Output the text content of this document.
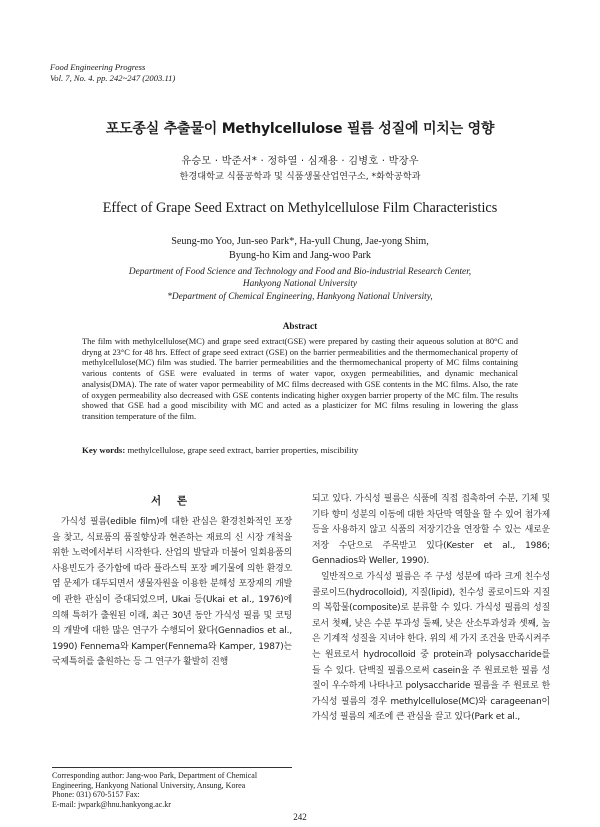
Food Engineering Progress
Vol. 7, No. 4. pp. 242~247 (2003.11)
포도종실 추출물이 Methylcellulose 필름 성질에 미치는 영향
유승모 · 박준서* · 정하열 · 심재용 · 김병호 · 박장우
한경대학교 식품공학과 및 식품생물산업연구소, *화학공학과
Effect of Grape Seed Extract on Methylcellulose Film Characteristics
Seung-mo Yoo, Jun-seo Park*, Ha-yull Chung, Jae-yong Shim,
Byung-ho Kim and Jang-woo Park
Department of Food Science and Technology and Food and Bio-industrial Research Center,
Hankyong National University
*Department of Chemical Engineering, Hankyong National University,
Abstract
The film with methylcellulose(MC) and grape seed extract(GSE) were prepared by casting their aqueous solution at 80°C and dryng at 23°C for 48 hrs. Effect of grape seed extract (GSE) on the barrier permeabilities and the thermomechanical property of methylcellulose(MC) film was studied. The barrier permeabilities and the thermomechanical property of MC films containing various contents of GSE were evaluated in terms of water vapor, oxygen permeabilities, and dynamic mechanical analysis(DMA). The rate of water vapor permeability of MC films decreased with GSE contents in the MC films. Also, the rate of oxygen permeability also decreased with GSE contents indicating higher oxygen barrier property of the MC film. The results showed that GSE had a good miscibility with MC and acted as a plasticizer for MC films resuling in lowering the glass transition temperature of the film.
Key words: methylcellulose, grape seed extract, barrier properties, miscibility
서 론

가식성 필름(edible film)에 대한 관심은 환경친화적인 포장을 찾고, 식료품의 품질향상과 현존하는 재료의 신 시장 개척을 위한 노력에서부터 시작한다. 산업의 발달과 더불어 일회용품의 사용빈도가 증가함에 따라 플라스틱 포장 폐기물에 의한 환경오염 문제가 대두되면서 생물자원을 이용한 분해성 포장재의 개발에 관한 관심이 증대되었으며, Ukai 등(Ukai et al., 1976)에 의해 특허가 출원된 이래, 최근 30년 동안 가식성 필름 및 코팅의 개발에 대한 많은 연구가 수행되어 왔다(Gennadios et al., 1990) Fennema와 Kamper(Fennema와 Kamper, 1987)는 국제특허를 출원하는 등 그 연구가 활발히 진행

되고 있다. 가식성 필름은 식품에 직접 접촉하여 수분, 기체 및 기타 향미 성분의 이동에 대한 차단막 역할을 할 수 있어 첨가제 등을 사용하지 않고 식품의 저장기간을 연장할 수 있는 새로운 저장 수단으로 주목받고 있다(Kester et al., 1986; Gennadios와 Weller, 1990).

일반적으로 가식성 필름은 주 구성 성분에 따라 크게 친수성 콜로이드(hydrocolloid), 지질(lipid), 친수성 콜로이드와 지질의 복합물(composite)로 분류할 수 있다. 가식성 필름의 성질로서 첫째, 낮은 수분 투과성 둘째, 낮은 산소투과성과 셋째, 높은 기계적 성질을 지녀야 한다. 위의 세 가지 조건을 만족시켜주는 원료로서 hydrocolloid 중 protein과 polysaccharide를 들 수 있다. 단백질 필름으로써 casein을 주 원료로한 필름 성질이 우수하게 나타나고 polysaccharide 필름을 주 원료로 한 가식성 필름의 경우 methylcellulose(MC)와 carageenan이 가식성 필름의 제조에 큰 관심을 끌고 있다(Park et al.,

Corresponding author: Jang-woo Park, Department of Chemical Engineering, Hankyong National University, Ansung, Korea
Phone: 031) 670-5157 Fax:
E-mail: jwpark@hnu.hankyong.ac.kr
242
